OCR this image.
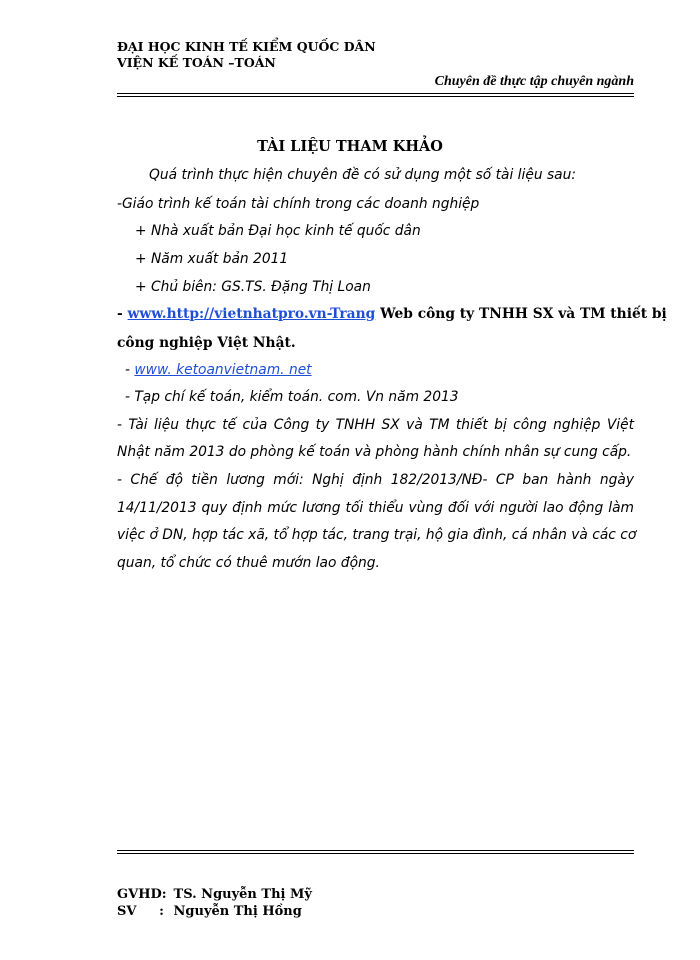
ĐẠI HỌC KINH TẾ KIỂM QUỐC DÂN
VIỆN KẾ TOÁN –TOÁN
Chuyên đề thực tập chuyên ngành
TÀI LIỆU THAM KHẢO
Quá trình thực hiện chuyên đề có sử dụng một số tài liệu sau:
-Giáo trình kế toán tài chính trong các doanh nghiệp
+ Nhà xuất bản Đại học kinh tế quốc dân
+ Năm xuất bản 2011
+ Chủ biên: GS.TS. Đặng Thị Loan
- www.http://vietnhatpro.vn-Trang Web công ty TNHH SX và TM thiết bị
công nghiệp Việt Nhật.
- www. ketoanvietnam. net
- Tạp chí kế toán, kiểm toán. com. Vn năm 2013
- Tài liệu thực tế của Công ty TNHH SX và TM thiết bị công nghiệp Việt
Nhật năm 2013 do phòng kế toán và phòng hành chính nhân sự cung cấp.
- Chế độ tiền lương mới: Nghị định 182/2013/NĐ- CP ban hành ngày
14/11/2013 quy định mức lương tối thiểu vùng đối với người lao động làm
việc ở DN, hợp tác xã, tổ hợp tác, trang trại, hộ gia đình, cá nhân và các cơ
quan, tổ chức có thuê mướn lao động.
GVHD: TS. Nguyễn Thị Mỹ
SV     : Nguyễn Thị Hồng
